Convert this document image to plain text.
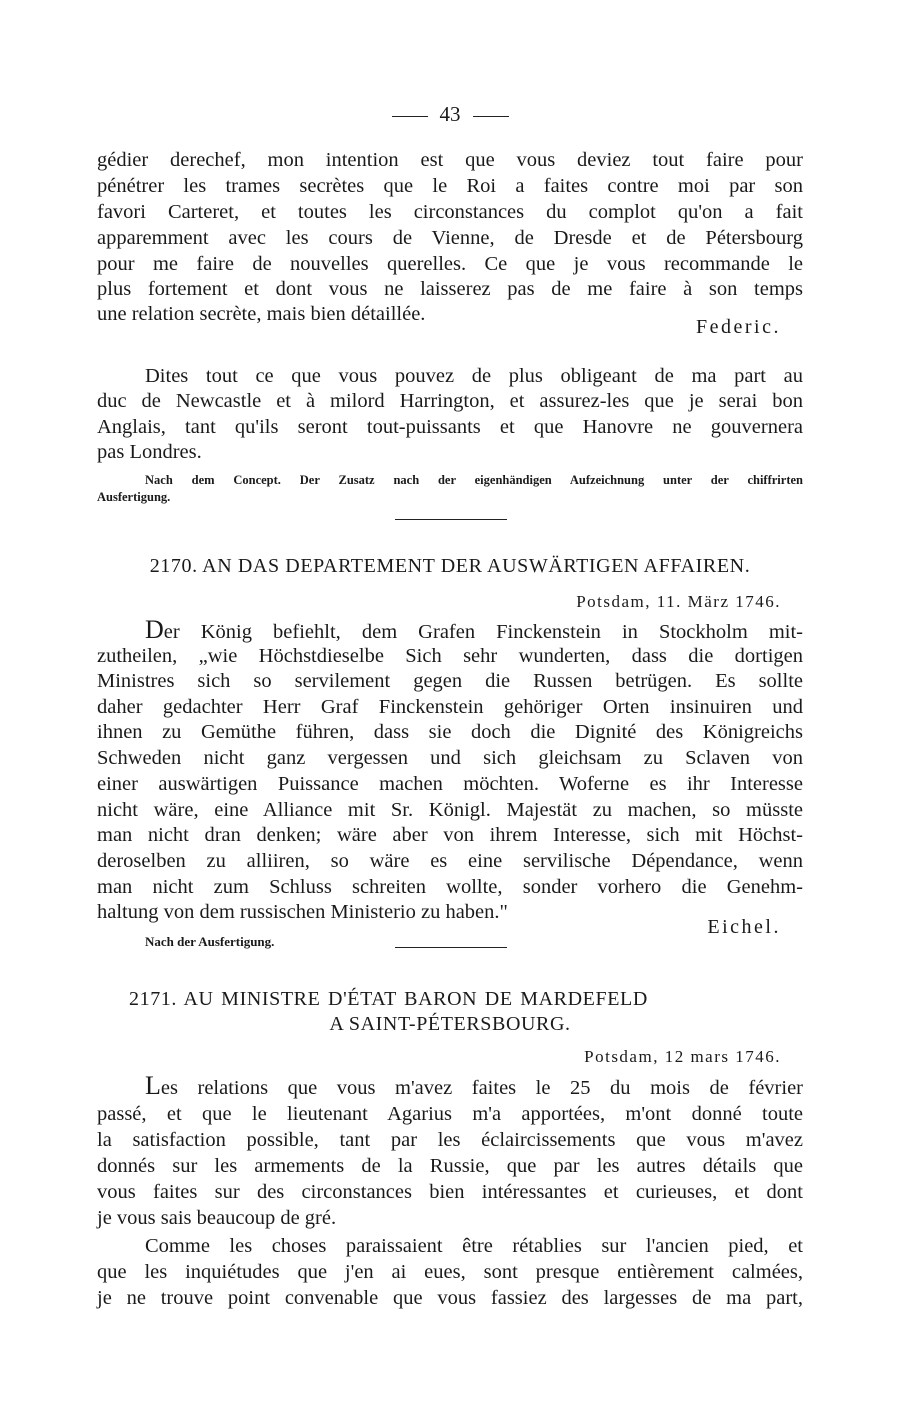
43
gédier derechef, mon intention est que vous deviez tout faire pour
pénétrer les trames secrètes que le Roi a faites contre moi par son
favori Carteret, et toutes les circonstances du complot qu'on a fait
apparemment avec les cours de Vienne, de Dresde et de Pétersbourg
pour me faire de nouvelles querelles. Ce que je vous recommande le
plus fortement et dont vous ne laisserez pas de me faire à son temps
une relation secrète, mais bien détaillée.
Federic.
Dites tout ce que vous pouvez de plus obligeant de ma part au
duc de Newcastle et à milord Harrington, et assurez-les que je serai bon
Anglais, tant qu'ils seront tout-puissants et que Hanovre ne gouvernera
pas Londres.
Nach dem Concept. Der Zusatz nach der eigenhändigen Aufzeichnung unter der chiffrirten
Ausfertigung.
2170. AN DAS DEPARTEMENT DER AUSWÄRTIGEN AFFAIREN.
Potsdam, 11. März 1746.
Der König befiehlt, dem Grafen Finckenstein in Stockholm mit-
zutheilen, „wie Höchstdieselbe Sich sehr wunderten, dass die dortigen
Ministres sich so servilement gegen die Russen betrügen. Es sollte
daher gedachter Herr Graf Finckenstein gehöriger Orten insinuiren und
ihnen zu Gemüthe führen, dass sie doch die Dignité des Königreichs
Schweden nicht ganz vergessen und sich gleichsam zu Sclaven von
einer auswärtigen Puissance machen möchten. Woferne es ihr Interesse
nicht wäre, eine Alliance mit Sr. Königl. Majestät zu machen, so müsste
man nicht dran denken; wäre aber von ihrem Interesse, sich mit Höchst-
deroselben zu alliiren, so wäre es eine servilische Dépendance, wenn
man nicht zum Schluss schreiten wollte, sonder vorhero die Genehm-
haltung von dem russischen Ministerio zu haben."
Eichel.
Nach der Ausfertigung.
2171. AU MINISTRE D'ÉTAT BARON DE MARDEFELD
A SAINT-PÉTERSBOURG.
Potsdam, 12 mars 1746.
Les relations que vous m'avez faites le 25 du mois de février
passé, et que le lieutenant Agarius m'a apportées, m'ont donné toute
la satisfaction possible, tant par les éclaircissements que vous m'avez
donnés sur les armements de la Russie, que par les autres détails que
vous faites sur des circonstances bien intéressantes et curieuses, et dont
je vous sais beaucoup de gré.
Comme les choses paraissaient être rétablies sur l'ancien pied, et
que les inquiétudes que j'en ai eues, sont presque entièrement calmées,
je ne trouve point convenable que vous fassiez des largesses de ma part,
